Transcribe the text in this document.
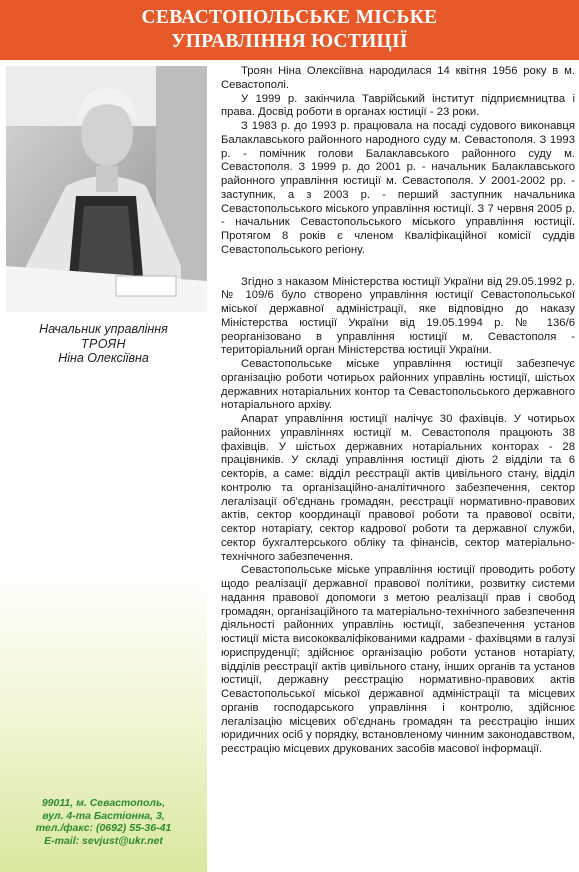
СЕВАСТОПОЛЬСЬКЕ МІСЬКЕ
УПРАВЛІННЯ ЮСТИЦІЇ
Начальник управління
ТРОЯН
Ніна Олексіївна
99011, м. Севастополь,
вул. 4-та Бастіонна, 3,
тел./факс: (0692) 55-36-41
E-mail: sevjust@ukr.net

Троян Ніна Олексіївна народилася 14 квітня 1956 року в м. Севастополі.

У 1999 р. закінчила Таврійський інститут підприємництва і права. Досвід роботи в органах юстиції - 23 роки.

З 1983 р. до 1993 р. працювала на посаді судового виконавця Балаклавського районного народного суду м. Севастополя. З 1993 р. - помічник голови Балаклавського районного суду м. Севастополя. З 1999 р. до 2001 р. - начальник Балаклавського районного управління юстиції м. Севастополя. У 2001-2002 рр. - заступник, а з 2003 р. - перший заступник начальника Севастопольського міського управління юстиції. З 7 червня 2005 р. - начальник Севастопольського міського управління юстиції. Протягом 8 років є членом Кваліфікаційної комісії суддів Севастопольського регіону.

Згідно з наказом Міністерства юстиції України від 29.05.1992 р. № 109/6 було створено управління юстиції Севастопольської міської державної адміністрації, яке відповідно до наказу Міністерства юстиції України від 19.05.1994 р. № 136/6 реорганізовано в управління юстиції м. Севастополя - територіальний орган Міністерства юстиції України.

Севастопольське міське управління юстиції забезпечує організацію роботи чотирьох районних управлінь юстиції, шістьох державних нотаріальних контор та Севастопольського державного нотаріального архіву.

Апарат управління юстиції налічує 30 фахівців. У чотирьох районних управліннях юстиції м. Севастополя працюють 38 фахівців. У шістьох державних нотаріальних конторах - 28 працівників. У складі управління юстиції діють 2 відділи та 6 секторів, а саме: відділ реєстрації актів цивільного стану, відділ контролю та організаційно-аналітичного забезпечення, сектор легалізації об'єднань громадян, реєстрації нормативно-правових актів, сектор координації правової роботи та правової освіти, сектор нотаріату, сектор кадрової роботи та державної служби, сектор бухгалтерського обліку та фінансів, сектор матеріально-технічного забезпечення.

Севастопольське міське управління юстиції проводить роботу щодо реалізації державної правової політики, розвитку системи надання правової допомоги з метою реалізації прав і свобод громадян, організаційного та матеріально-технічного забезпечення діяльності районних управлінь юстиції, забезпечення установ юстиції міста висококваліфікованими кадрами - фахівцями в галузі юриспруденції; здійснює організацію роботи установ нотаріату, відділів реєстрації актів цивільного стану, інших органів та установ юстиції, державну реєстрацію нормативно-правових актів Севастопольської міської державної адміністрації та місцевих органів господарського управління і контролю, здійснює легалізацію місцевих об'єднань громадян та реєстрацію інших юридичних осіб у порядку, встановленому чинним законодавством, реєстрацію місцевих друкованих засобів масової інформації.
